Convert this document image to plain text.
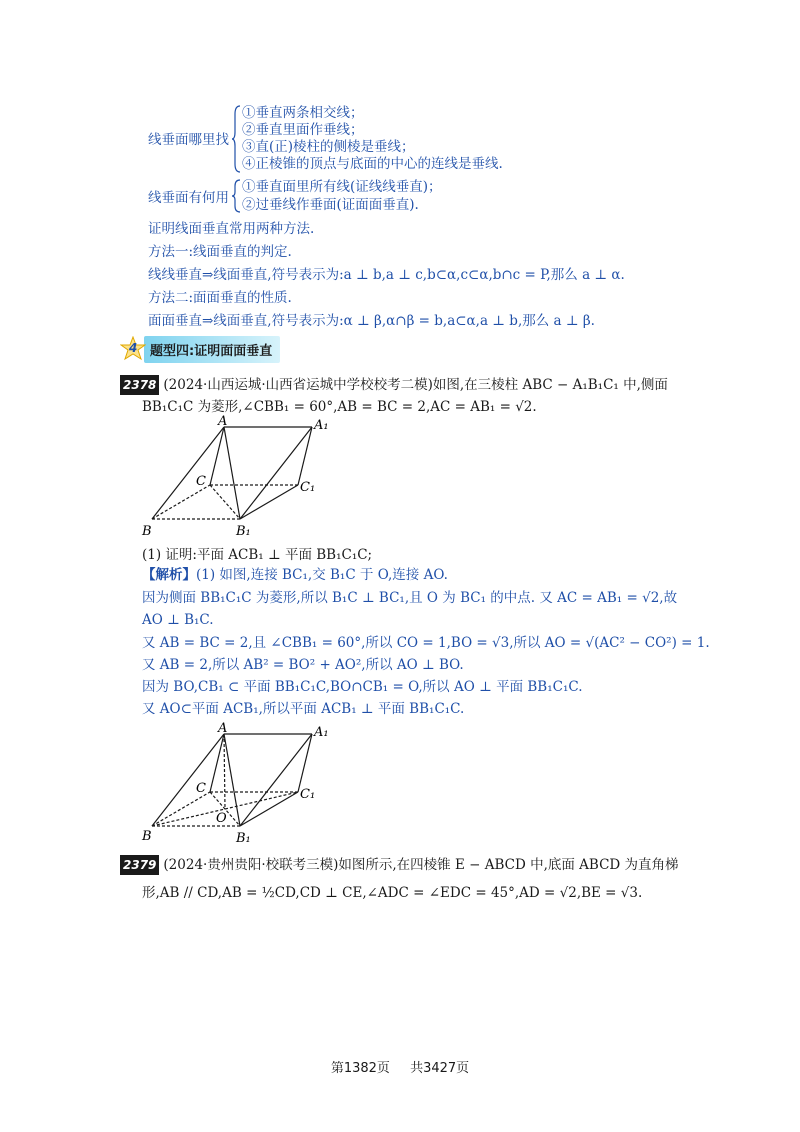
线垂面哪里找
①垂直两条相交线；
②垂直里面作垂线；
③直(正)棱柱的侧棱是垂线；
④正棱锥的顶点与底面的中心的连线是垂线.
线垂面有何用
①垂直面里所有线(证线线垂直)；
②过垂线作垂面(证面面垂直).
证明线面垂直常用两种方法.
方法一:线面垂直的判定.
线线垂直⇒线面垂直,符号表示为:a ⊥ b,a ⊥ c,b⊂α,c⊂α,b∩c = P,那么 a ⊥ α.
方法二:面面垂直的性质.
面面垂直⇒线面垂直,符号表示为:α ⊥ β,α∩β = b,a⊂α,a ⊥ b,那么 a ⊥ β.
4 题型四:证明面面垂直
2378 (2024·山西运城·山西省运城中学校校考二模)如图,在三棱柱 ABC − A₁B₁C₁ 中,侧面
BB₁C₁C 为菱形,∠CBB₁ = 60°,AB = BC = 2,AC = AB₁ = √2.
A	A₁
B	B₁
C	C₁
(1) 证明:平面 ACB₁ ⊥ 平面 BB₁C₁C;
【解析】(1) 如图,连接 BC₁,交 B₁C 于 O,连接 AO.
因为侧面 BB₁C₁C 为菱形,所以 B₁C ⊥ BC₁,且 O 为 BC₁ 的中点. 又 AC = AB₁ = √2,故
AO ⊥ B₁C.
又 AB = BC = 2,且 ∠CBB₁ = 60°,所以 CO = 1,BO = √3,所以 AO = √(AC² − CO²) = 1.
又 AB = 2,所以 AB² = BO² + AO²,所以 AO ⊥ BO.
因为 BO,CB₁ ⊂ 平面 BB₁C₁C,BO∩CB₁ = O,所以 AO ⊥ 平面 BB₁C₁C.
又 AO⊂平面 ACB₁,所以平面 ACB₁ ⊥ 平面 BB₁C₁C.
A	A₁
B	B₁
C	C₁
O
2379 (2024·贵州贵阳·校联考三模)如图所示,在四棱锥 E − ABCD 中,底面 ABCD 为直角梯
形,AB // CD,AB = ½CD,CD ⊥ CE,∠ADC = ∠EDC = 45°,AD = √2,BE = √3.
第1382页 共3427页
